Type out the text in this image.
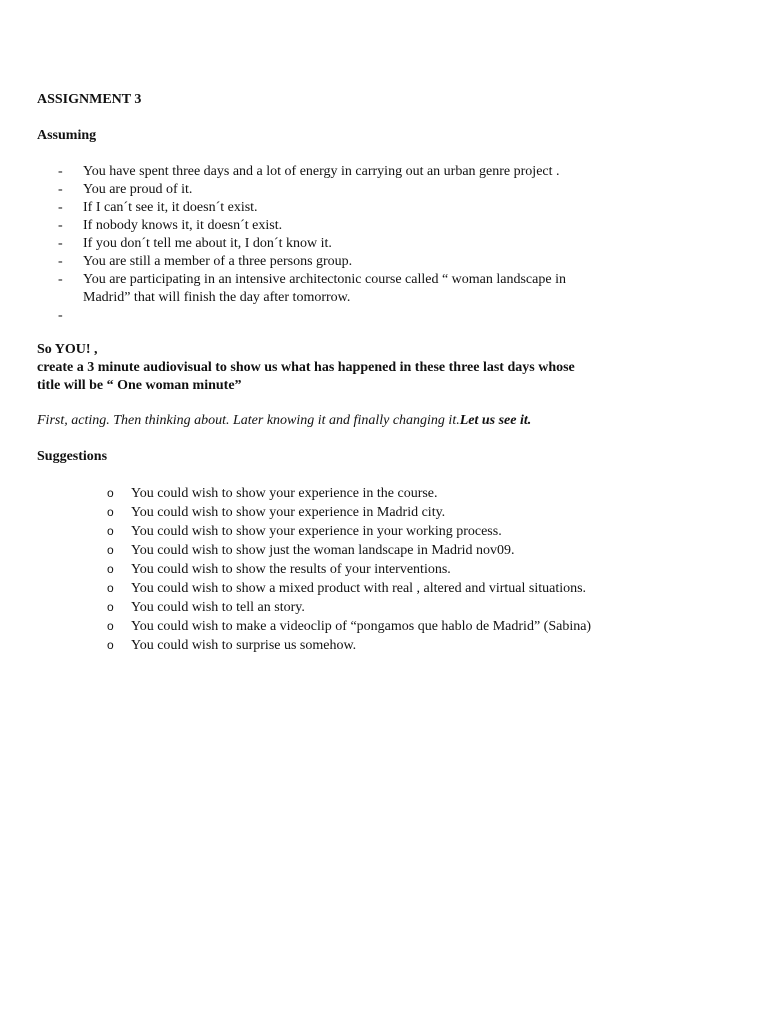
ASSIGNMENT 3

Assuming

- You have spent three days and a lot of energy in carrying out an urban genre project .
- You are proud of it.
- If I can´t see it, it doesn´t exist.
- If nobody knows it, it doesn´t exist.
- If you don´t tell me about it, I don´t know it.
- You are still a member of a three persons group.
- You are participating in an intensive architectonic course called “ woman landscape in Madrid” that will finish the day after tomorrow.
-

So YOU! ,

create a 3 minute audiovisual to show us what has happened in these three last days whose title will be “ One woman minute”

First, acting. Then thinking about. Later knowing it and finally changing it.Let us see it.

Suggestions

o You could wish to show your experience in the course.
o You could wish to show your experience in Madrid city.
o You could wish to show your experience in your working process.
o You could wish to show just the woman landscape in Madrid nov09.
o You could wish to show the results of your interventions.
o You could wish to show a mixed product with real , altered and virtual situations.
o You could wish to tell an story.
o You could wish to make a videoclip of “pongamos que hablo de Madrid” (Sabina)
o You could wish to surprise us somehow.
